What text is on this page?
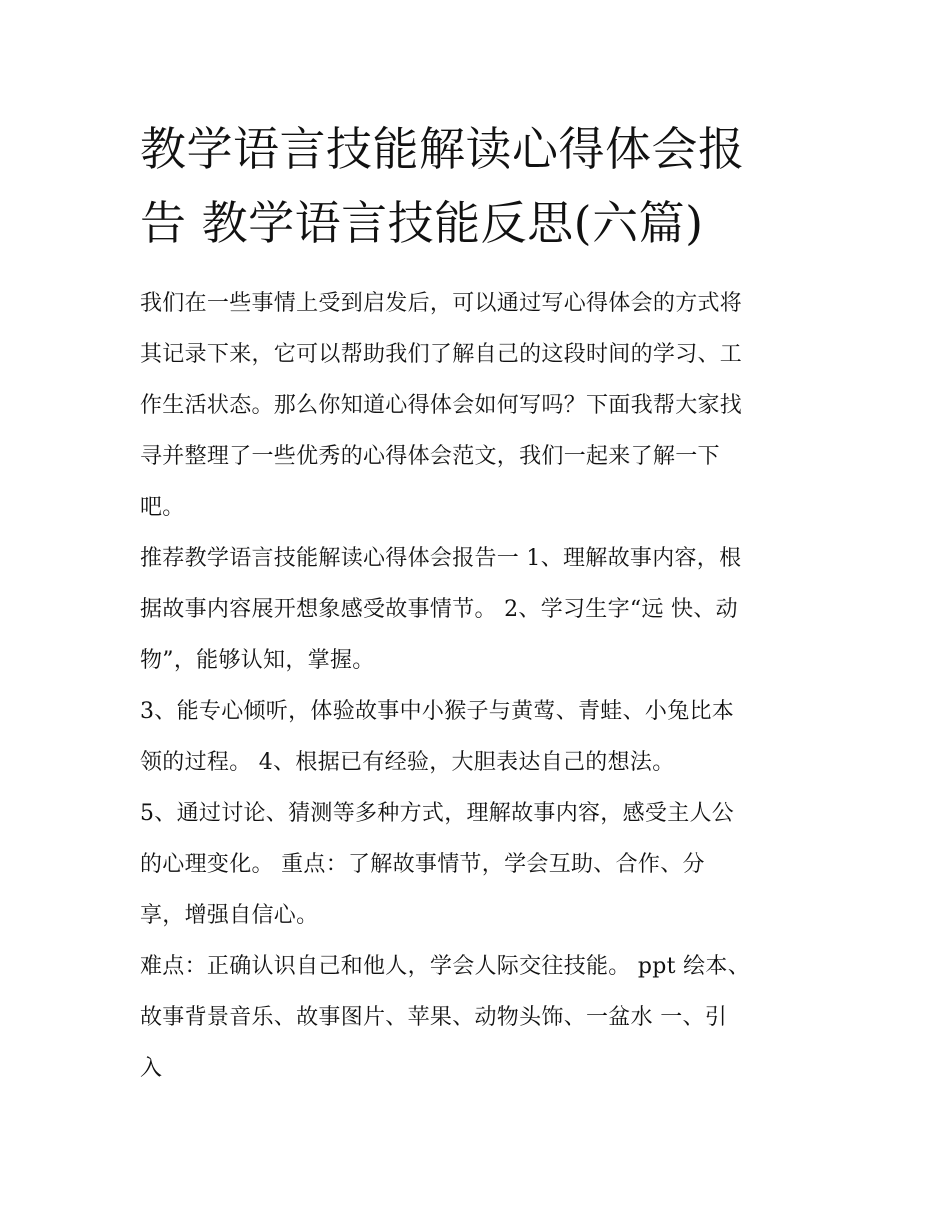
教学语言技能解读心得体会报
告 教学语言技能反思(六篇)

我们在一些事情上受到启发后，可以通过写心得体会的方式将
其记录下来，它可以帮助我们了解自己的这段时间的学习、工
作生活状态。那么你知道心得体会如何写吗？下面我帮大家找
寻并整理了一些优秀的心得体会范文，我们一起来了解一下
吧。

推荐教学语言技能解读心得体会报告一 1、理解故事内容，根
据故事内容展开想象感受故事情节。 2、学习生字“远 快、动
物”，能够认知，掌握。

3、能专心倾听，体验故事中小猴子与黄莺、青蛙、小兔比本
领的过程。 4、根据已有经验，大胆表达自己的想法。

5、通过讨论、猜测等多种方式，理解故事内容，感受主人公
的心理变化。 重点：了解故事情节，学会互助、合作、分
享，增强自信心。

难点：正确认识自己和他人，学会人际交往技能。 ppt 绘本、
故事背景音乐、故事图片、苹果、动物头饰、一盆水 一、引
入
